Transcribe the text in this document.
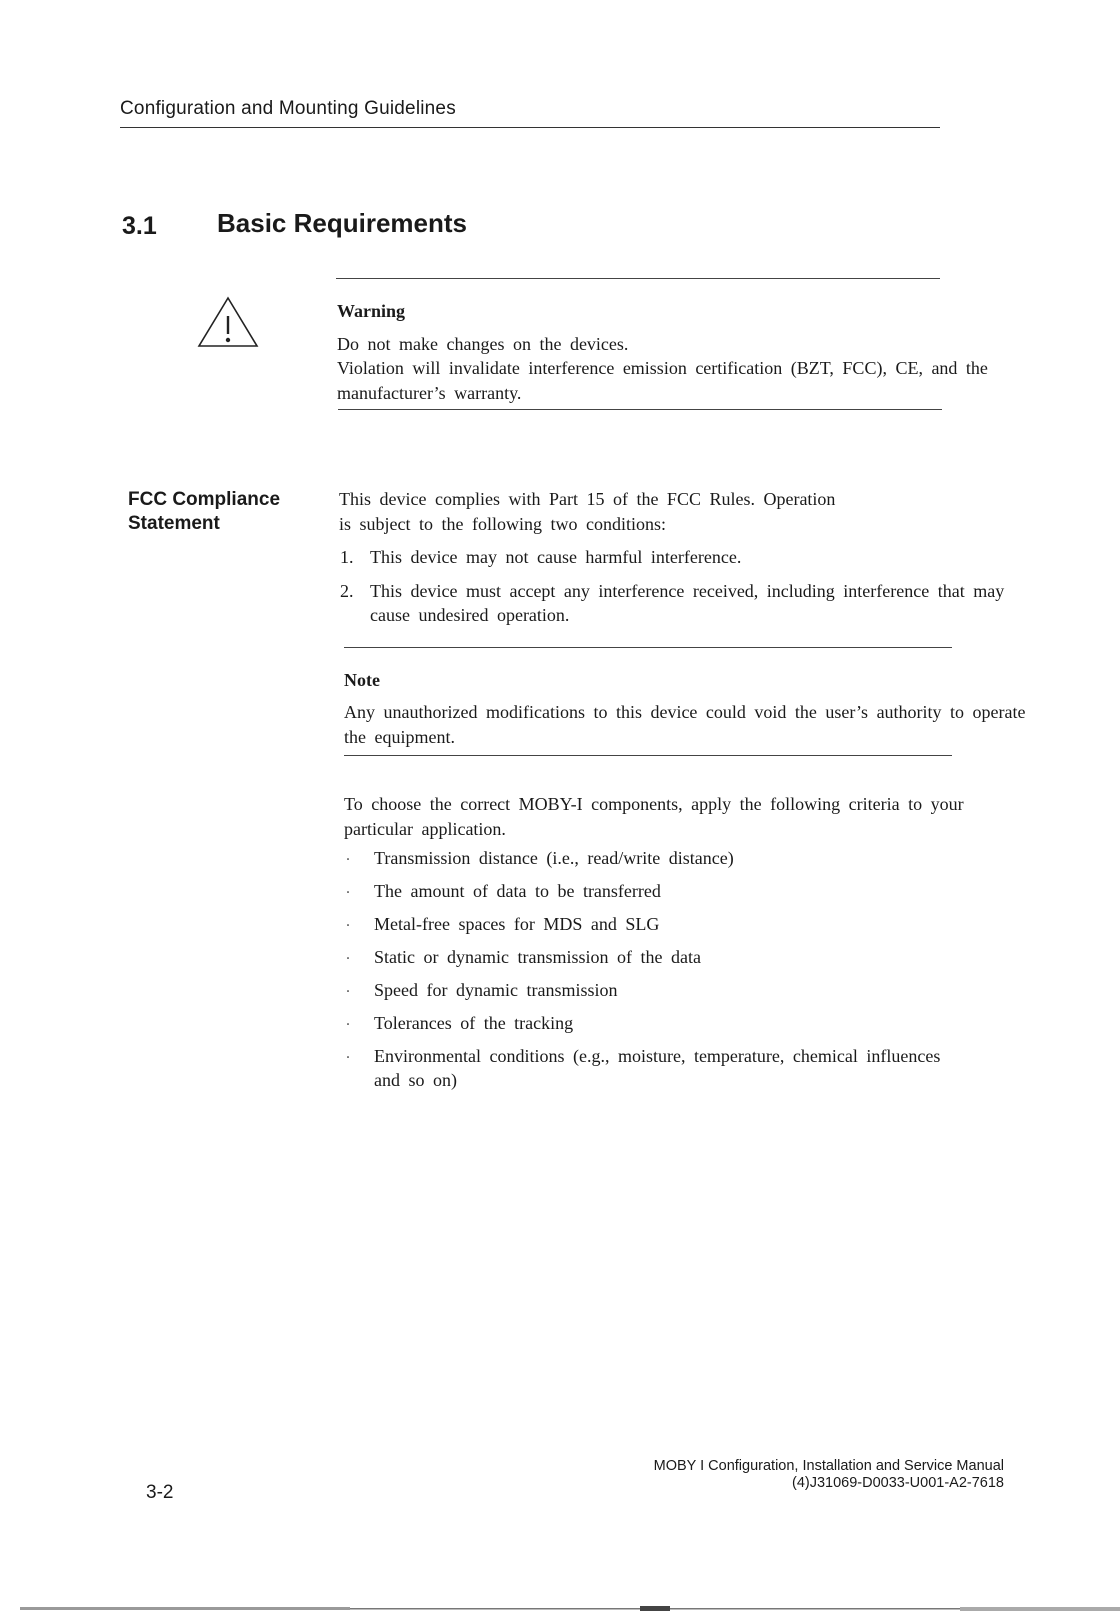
Configuration and Mounting Guidelines
3.1 Basic Requirements
Warning
Do not make changes on the devices.
Violation will invalidate interference emission certification (BZT, FCC), CE, and the manufacturer’s warranty.
FCC Compliance
Statement
This device complies with Part 15 of the FCC Rules. Operation is subject to the following two conditions:
1. This device may not cause harmful interference.
2. This device must accept any interference received, including interference that may cause undesired operation.
Note
Any unauthorized modifications to this device could void the user’s authority to operate the equipment.
To choose the correct MOBY-I components, apply the following criteria to your particular application.
. Transmission distance (i.e., read/write distance)
. The amount of data to be transferred
. Metal-free spaces for MDS and SLG
. Static or dynamic transmission of the data
. Speed for dynamic transmission
. Tolerances of the tracking
. Environmental conditions (e.g., moisture, temperature, chemical influences and so on)
MOBY I Configuration, Installation and Service Manual
(4)J31069-D0033-U001-A2-7618
3-2
